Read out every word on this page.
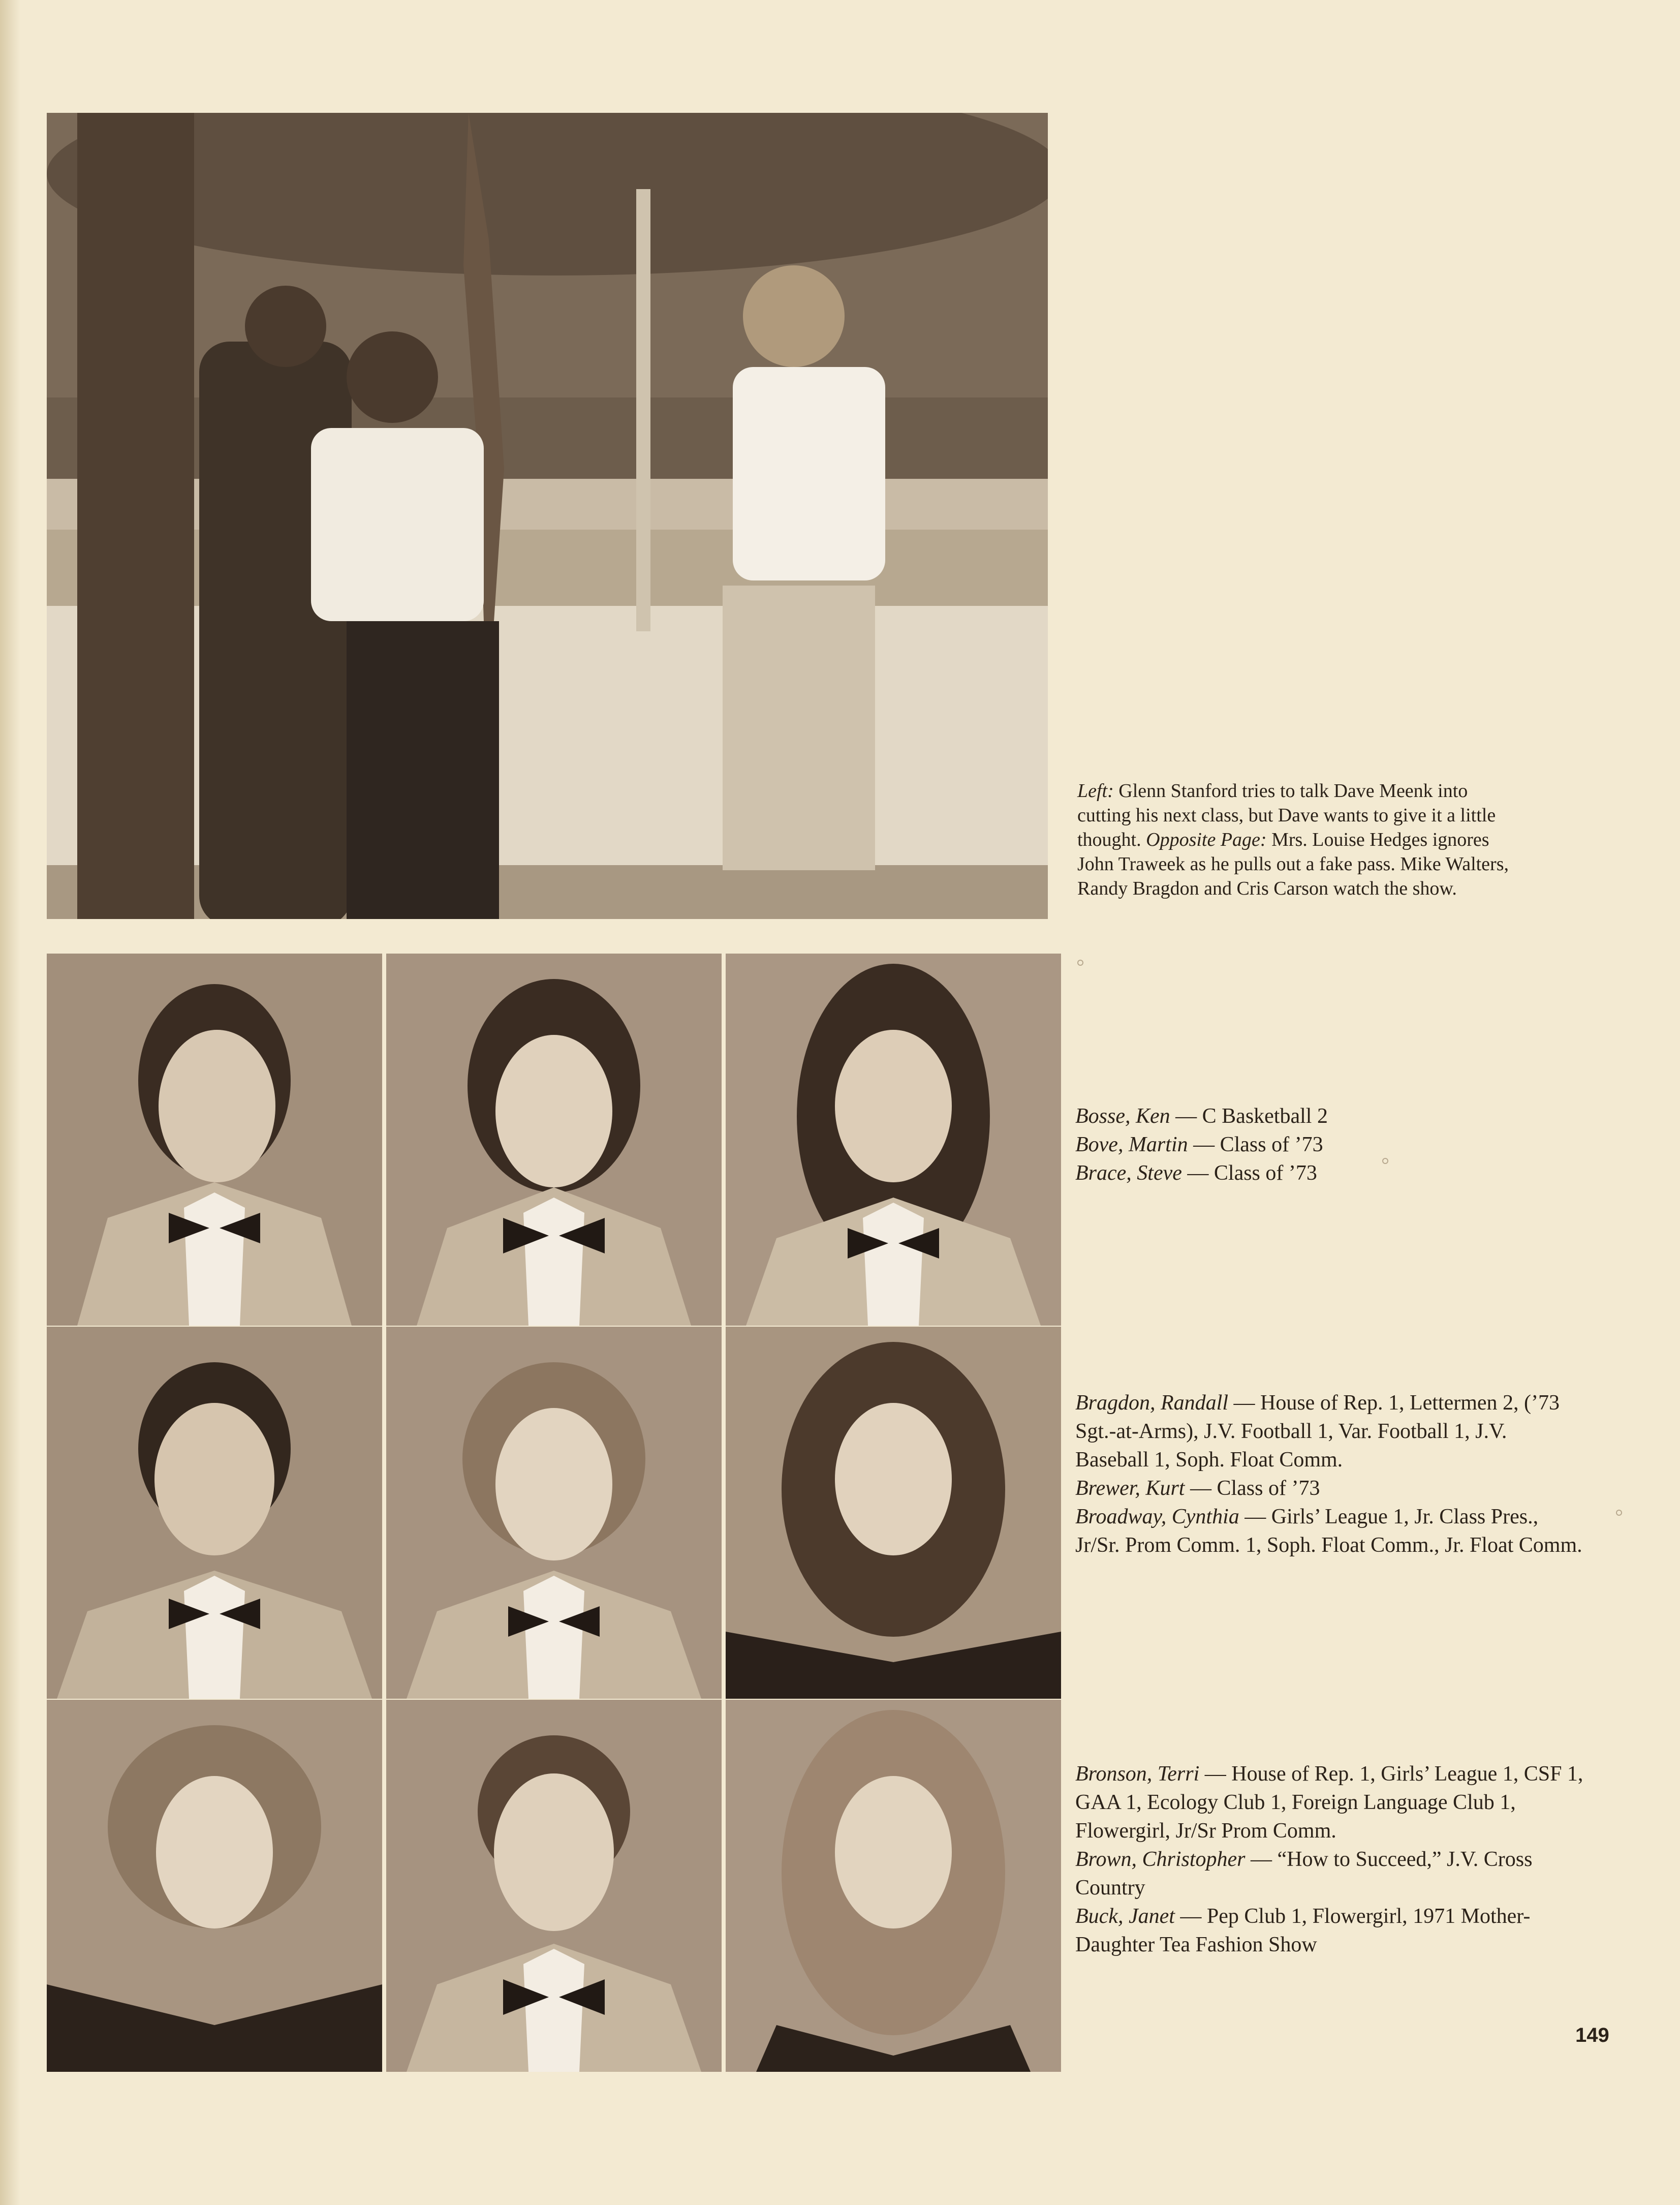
Left: Glenn Stanford tries to talk Dave Meenk into cutting his next class, but Dave wants to give it a little thought. Opposite Page: Mrs. Louise Hedges ignores John Traweek as he pulls out a fake pass. Mike Walters, Randy Bragdon and Cris Carson watch the show.
Bosse, Ken — C Basketball 2
Bove, Martin — Class of ’73
Brace, Steve — Class of ’73
Bragdon, Randall — House of Rep. 1, Lettermen 2, (’73 Sgt.-at-Arms), J.V. Football 1, Var. Football 1, J.V. Baseball 1, Soph. Float Comm.
Brewer, Kurt — Class of ’73
Broadway, Cynthia — Girls’ League 1, Jr. Class Pres., Jr/Sr. Prom Comm. 1, Soph. Float Comm., Jr. Float Comm.
Bronson, Terri — House of Rep. 1, Girls’ League 1, CSF 1, GAA 1, Ecology Club 1, Foreign Language Club 1, Flowergirl, Jr/Sr Prom Comm.
Brown, Christopher — “How to Succeed,” J.V. Cross Country
Buck, Janet — Pep Club 1, Flowergirl, 1971 Mother-Daughter Tea Fashion Show
149
